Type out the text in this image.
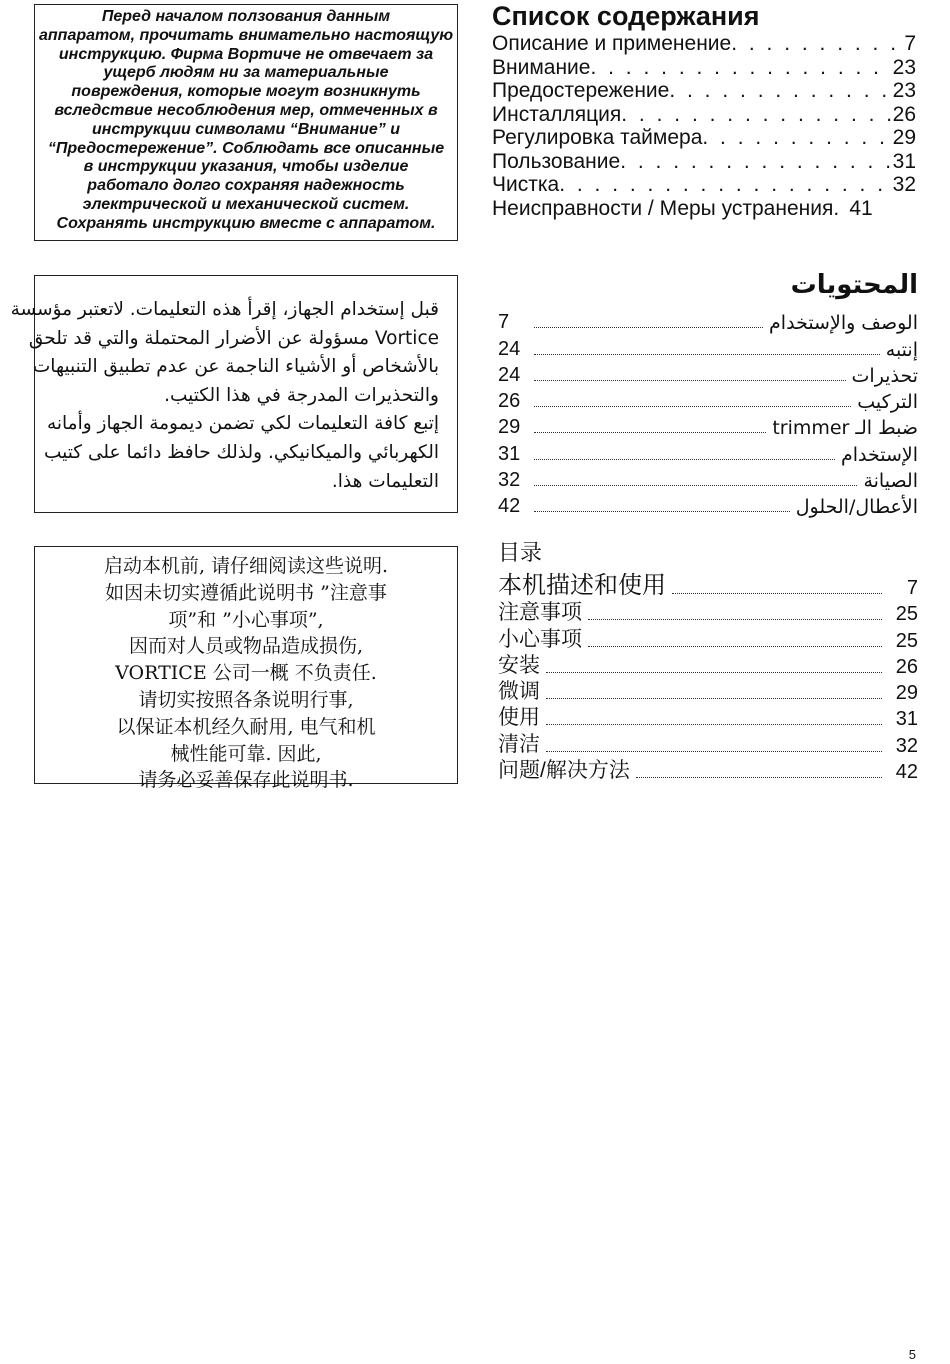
Перед началом ползования данным
аппаратом, прочитать внимательно настоящую
инструкцию. Фирма Вортиче не отвечает за
ущерб людям ни за материальные
повреждения, которые могут возникнуть
вследствие несоблюдения мер, отмеченных в
инструкции символами “Внимание” и
“Предостережение”. Соблюдать все описанные
в инструкции указания, чтобы изделие
работало долго сохраняя надежность
электрической и механической систем.
Сохранять инструкцию вместе с аппаратом.
Список содержания
Описание и применение . . .	7
Внимание . . .	23
Предостережение . . .	23
Инсталляция . . .	26
Регулировка таймера . . .	29
Пользование . . .	31
Чистка . . .	32
Неисправности / Меры устранения . . . 41
قبل إستخدام الجهاز، إقرأ هذه التعليمات. لاتعتبر مؤسسة
Vortice مسؤولة عن الأضرار المحتملة والتي قد تلحق
بالأشخاص أو الأشياء الناجمة عن عدم تطبيق التنبيهات
والتحذيرات المدرجة في هذا الكتيب.
إتبع كافة التعليمات لكي تضمن ديمومة الجهاز وأمانه
الكهربائي والميكانيكي. ولذلك حافظ دائما على كتيب
التعليمات هذا.
المحتويات
7	الوصف والإستخدام
24	إنتبه
24	تحذيرات
26	التركيب
29	ضبط الـ trimmer
31	الإستخدام
32	الصيانة
42	الأعطال/الحلول
启动本机前, 请仔细阅读这些说明.
如因未切实遵循此说明书 ”注意事
项”和 ”小心事项”,
因而对人员或物品造成损伤,
VORTICE 公司一概 不负责任.
请切实按照各条说明行事,
以保证本机经久耐用, 电气和机
械性能可靠. 因此,
请务必妥善保存此说明书.
目录
本机描述和使用	7
注意事项	25
小心事项	25
安装	26
微调	29
使用	31
清洁	32
问题/解决方法	42
5
